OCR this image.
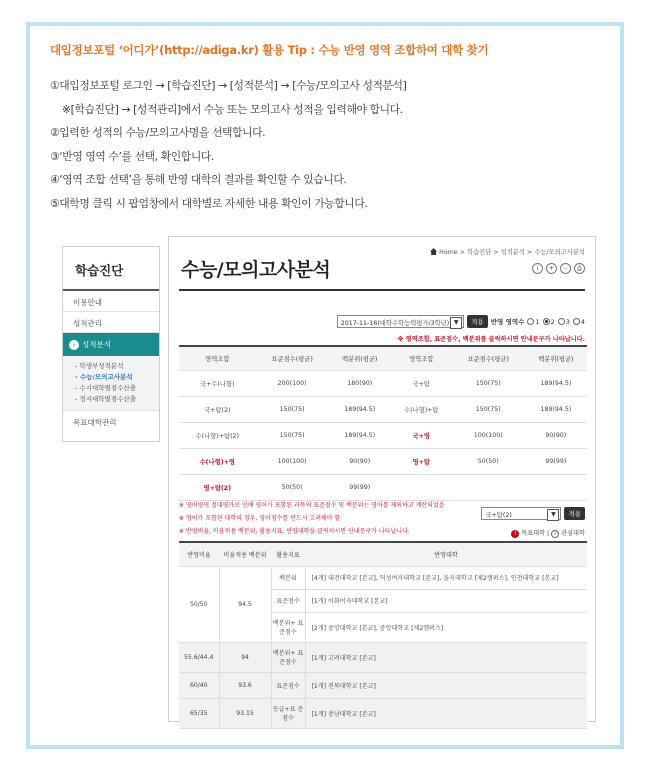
대입정보포털 ‘어디가’(http://adiga.kr) 활용 Tip : 수능 반영 영역 조합하여 대학 찾기
①대입정보포털 로그인 → [학습진단] → [성적분석] → [수능/모의고사 성적분석]
※[학습진단] → [성적관리]에서 수능 또는 모의고사 성적을 입력해야 합니다.
②입력한 성적의 수능/모의고사명을 선택합니다.
③‘반영 영역 수’를 선택, 확인합니다.
④‘영역 조합 선택’을 통해 반영 대학의 결과를 확인할 수 있습니다.
⑤대학명 클릭 시 팝업창에서 대학별로 자세한 내용 확인이 가능합니다.
학습진단
이용안내
성적관리
› 성적분석
- 학생부성적분석
- 수능/모의고사분석
- 수시대학별점수산출
- 정시대학별점수산출
목표대학관리
Home > 학습진단 > 성적분석 > 수능/모의고사분석
수능/모의고사분석	i	+	-	⎙
2017-11-16(대학수학능력평가/3학년) ▼	적용	반영 영역수 1 2 3 4
※ 영역조합, 표준점수, 백분위를 클릭하시면 안내문구가 나타납니다.
영역조합	표준점수(평균)	백분위(평균)	영역조합	표준점수(평균)	백분위(평균)
국+수(나형)	200(100)	180(90)	국+탐	150(75)	189(94.5)
국+탐(2)	150(75)	189(94.5)	수(나형)+탐	150(75)	189(94.5)
수(나형)+탐(2)	150(75)	189(94.5)	국+영	100(100)	90(90)
수(나형)+영	100(100)	90(90)	영+탐	50(50)	99(99)
영+탐(2)	50(50)	99(99)			
※ 영어영역 절대평가로 인해 영어가 포함된 과목의 표준점수 및 백분위는 영어를 제외하고 계산되었음
※ 영어가 포함된 대학의 경우, 영어점수를 반드시 고려해야 함
※ 반영비율, 비율적용 백분위, 활용지표, 반영대학을 클릭하시면 안내문구가 나타납니다.
국+탐(2) ▼	적용
! 목표대학 | i 관심대학
반영비율	비율적용 백분위	활용지표	반영대학
50/50	94.5	백분위	[4개] 대전대학교 [본교], 덕성여자대학교 [본교], 을지대학교 [제2캠퍼스], 인천대학교 [본교]
		표준점수	[1개] 이화여자대학교 [본교]
		백분위+ 표준점수	[2개] 중앙대학교 [본교], 중앙대학교 [제2캠퍼스]
55.6/44.4	94	백분위+ 표준점수	[1개] 고려대학교 [본교]
60/40	93.6	표준점수	[1개] 전북대학교 [본교]
65/35	93.15	등급+표 준점수	[1개] 충남대학교 [본교]
